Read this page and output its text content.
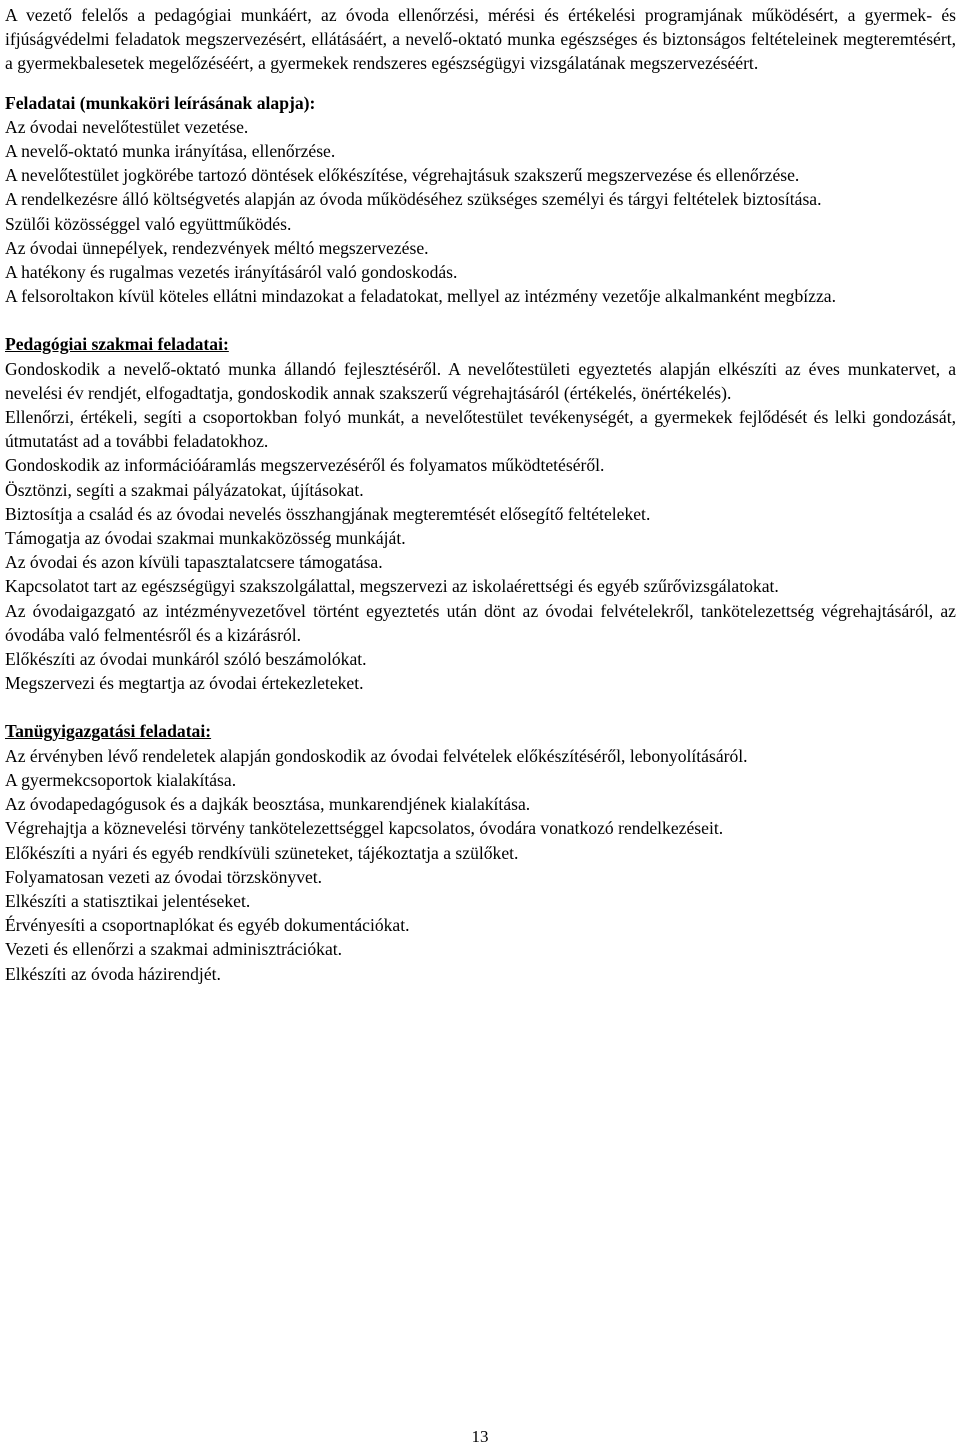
A vezető felelős a pedagógiai munkáért, az óvoda ellenőrzési, mérési és értékelési programjának működésért, a gyermek- és ifjúságvédelmi feladatok megszervezésért, ellátásáért, a nevelő-oktató munka egészséges és biztonságos feltételeinek megteremtésért, a gyermekbalesetek megelőzéséért, a gyermekek rendszeres egészségügyi vizsgálatának megszervezéséért.

Feladatai (munkaköri leírásának alapja):

Az óvodai nevelőtestület vezetése.

A nevelő-oktató munka irányítása, ellenőrzése.

A nevelőtestület jogkörébe tartozó döntések előkészítése, végrehajtásuk szakszerű megszervezése és ellenőrzése.

A rendelkezésre álló költségvetés alapján az óvoda működéséhez szükséges személyi és tárgyi feltételek biztosítása.

Szülői közösséggel való együttműködés.

Az óvodai ünnepélyek, rendezvények méltó megszervezése.

A hatékony és rugalmas vezetés irányításáról való gondoskodás.

A felsoroltakon kívül köteles ellátni mindazokat a feladatokat, mellyel az intézmény vezetője alkalmanként megbízza.

Pedagógiai szakmai feladatai:

Gondoskodik a nevelő-oktató munka állandó fejlesztéséről. A nevelőtestületi egyeztetés alapján elkészíti az éves munkatervet, a nevelési év rendjét, elfogadtatja, gondoskodik annak szakszerű végrehajtásáról (értékelés, önértékelés).

Ellenőrzi, értékeli, segíti a csoportokban folyó munkát, a nevelőtestület tevékenységét, a gyermekek fejlődését és lelki gondozását, útmutatást ad a további feladatokhoz.

Gondoskodik az információáramlás megszervezéséről és folyamatos működtetéséről.

Ösztönzi, segíti a szakmai pályázatokat, újításokat.

Biztosítja a család és az óvodai nevelés összhangjának megteremtését elősegítő feltételeket.

Támogatja az óvodai szakmai munkaközösség munkáját.

Az óvodai és azon kívüli tapasztalatcsere támogatása.

Kapcsolatot tart az egészségügyi szakszolgálattal, megszervezi az iskolaérettségi és egyéb szűrővizsgálatokat.

Az óvodaigazgató az intézményvezetővel történt egyeztetés után dönt az óvodai felvételekről, tankötelezettség végrehajtásáról, az óvodába való felmentésről és a kizárásról.

Előkészíti az óvodai munkáról szóló beszámolókat.

Megszervezi és megtartja az óvodai értekezleteket.

Tanügyigazgatási feladatai:

Az érvényben lévő rendeletek alapján gondoskodik az óvodai felvételek előkészítéséről, lebonyolításáról.

A gyermekcsoportok kialakítása.

Az óvodapedagógusok és a dajkák beosztása, munkarendjének kialakítása.

Végrehajtja a köznevelési törvény tankötelezettséggel kapcsolatos, óvodára vonatkozó rendelkezéseit.

Előkészíti a nyári és egyéb rendkívüli szüneteket, tájékoztatja a szülőket.

Folyamatosan vezeti az óvodai törzskönyvet.

Elkészíti a statisztikai jelentéseket.

Érvényesíti a csoportnaplókat és egyéb dokumentációkat.

Vezeti és ellenőrzi a szakmai adminisztrációkat.

Elkészíti az óvoda házirendjét.

13
